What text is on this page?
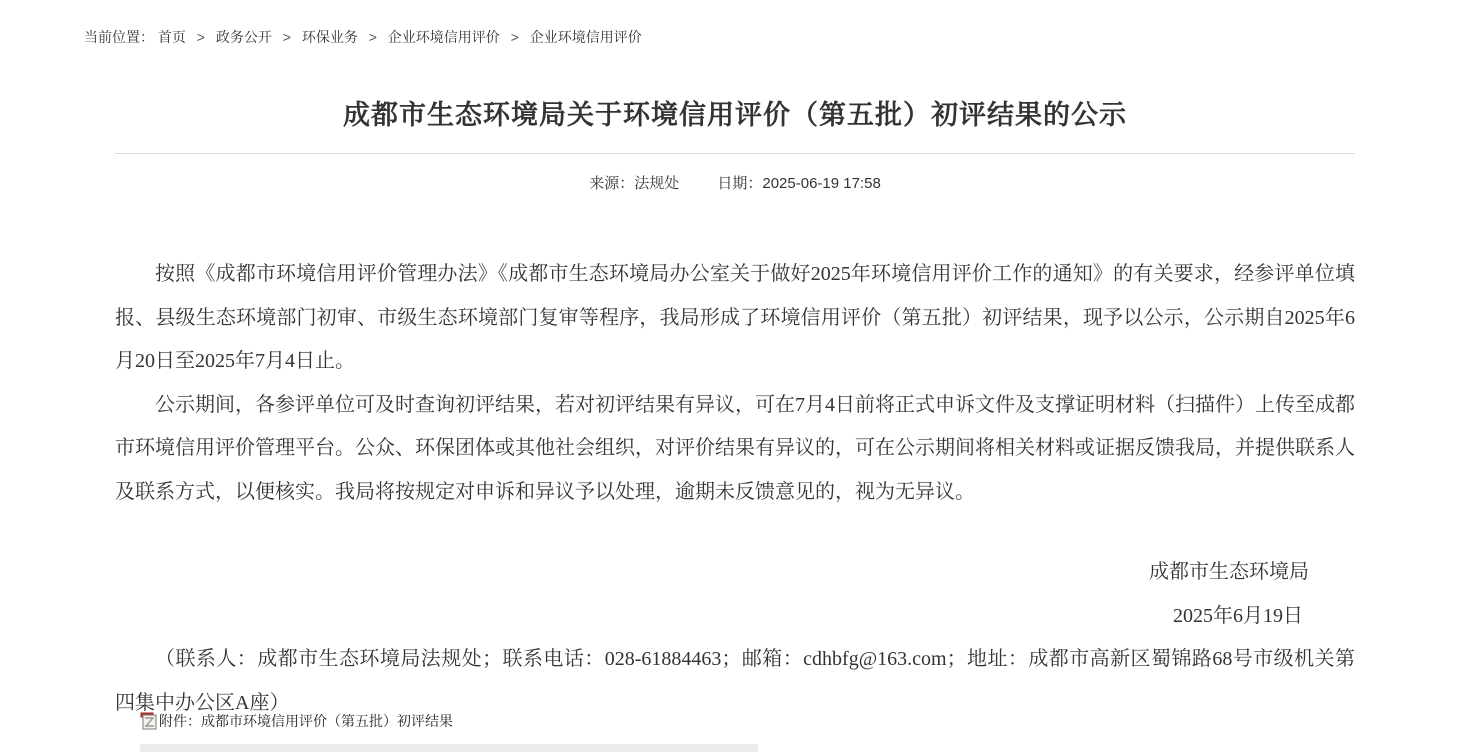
当前位置： 首页 > 政务公开 > 环保业务 > 企业环境信用评价 > 企业环境信用评价
成都市生态环境局关于环境信用评价（第五批）初评结果的公示
来源：法规处	日期：2025-06-19 17:58

按照《成都市环境信用评价管理办法》《成都市生态环境局办公室关于做好2025年环境信用评价工作的通知》的有关要求，经参评单位填报、县级生态环境部门初审、市级生态环境部门复审等程序，我局形成了环境信用评价（第五批）初评结果，现予以公示，公示期自2025年6月20日至2025年7月4日止。

公示期间，各参评单位可及时查询初评结果，若对初评结果有异议，可在7月4日前将正式申诉文件及支撑证明材料（扫描件）上传至成都市环境信用评价管理平台。公众、环保团体或其他社会组织，对评价结果有异议的，可在公示期间将相关材料或证据反馈我局，并提供联系人及联系方式，以便核实。我局将按规定对申诉和异议予以处理，逾期未反馈意见的，视为无异议。

成都市生态环境局
2025年6月19日
（联系人：成都市生态环境局法规处；联系电话：028-61884463；邮箱：cdhbfg@163.com；地址：成都市高新区蜀锦路68号市级机关第四集中办公区A座）
附件：成都市环境信用评价（第五批）初评结果
